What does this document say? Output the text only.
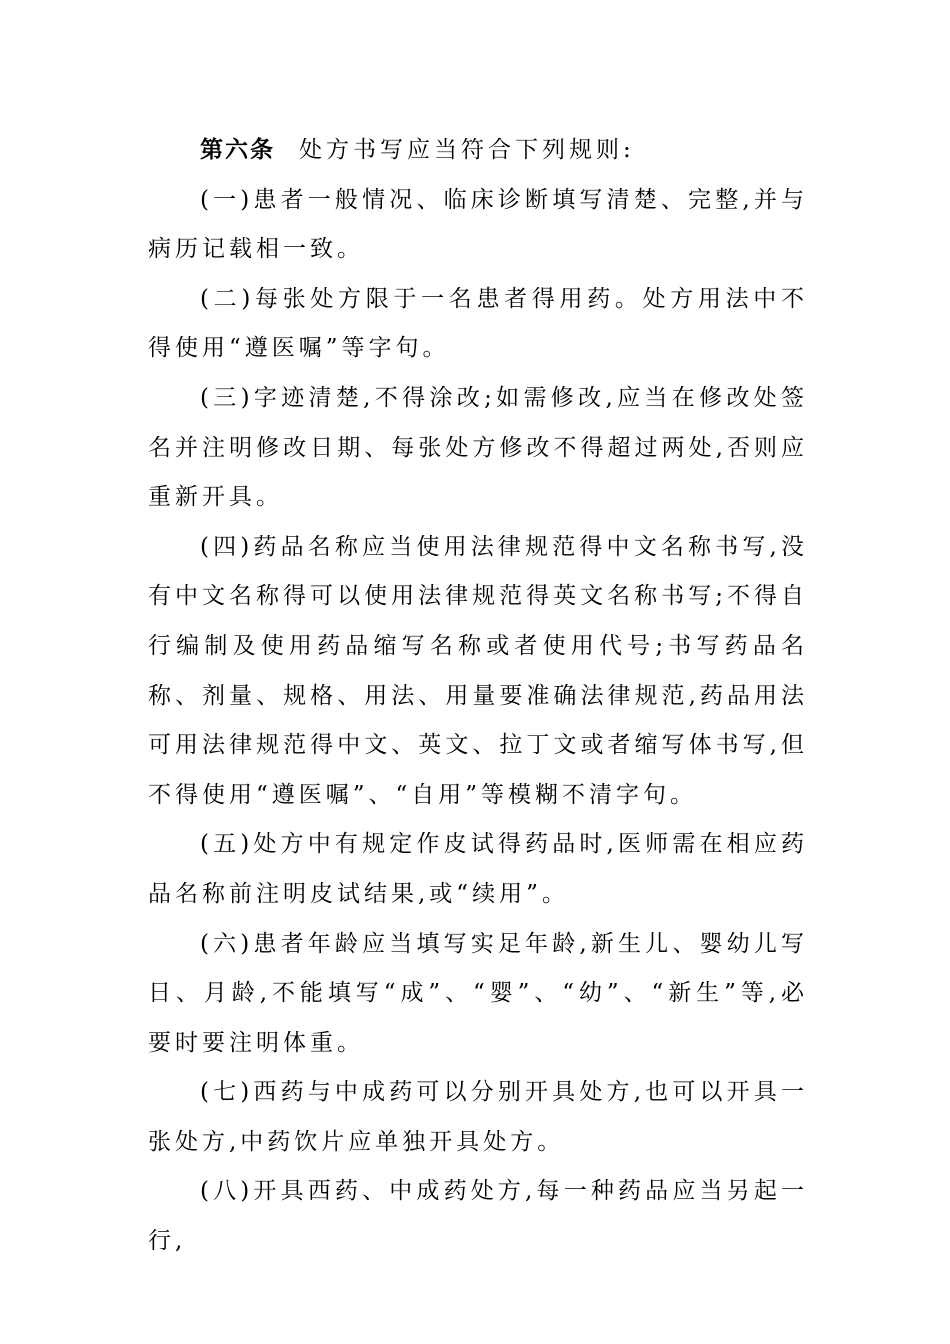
第六条 处方书写应当符合下列规则:

(一)患者一般情况、临床诊断填写清楚、完整,并与病历记载相一致。

(二)每张处方限于一名患者得用药。处方用法中不得使用“遵医嘱”等字句。

(三)字迹清楚,不得涂改;如需修改,应当在修改处签名并注明修改日期、每张处方修改不得超过两处,否则应重新开具。

(四)药品名称应当使用法律规范得中文名称书写,没有中文名称得可以使用法律规范得英文名称书写;不得自行编制及使用药品缩写名称或者使用代号;书写药品名称、剂量、规格、用法、用量要准确法律规范,药品用法可用法律规范得中文、英文、拉丁文或者缩写体书写,但不得使用“遵医嘱”、“自用”等模糊不清字句。

(五)处方中有规定作皮试得药品时,医师需在相应药品名称前注明皮试结果,或“续用”。

(六)患者年龄应当填写实足年龄,新生儿、婴幼儿写日、月龄,不能填写“成”、“婴”、“幼”、“新生”等,必要时要注明体重。

(七)西药与中成药可以分别开具处方,也可以开具一张处方,中药饮片应单独开具处方。

(八)开具西药、中成药处方,每一种药品应当另起一行,
